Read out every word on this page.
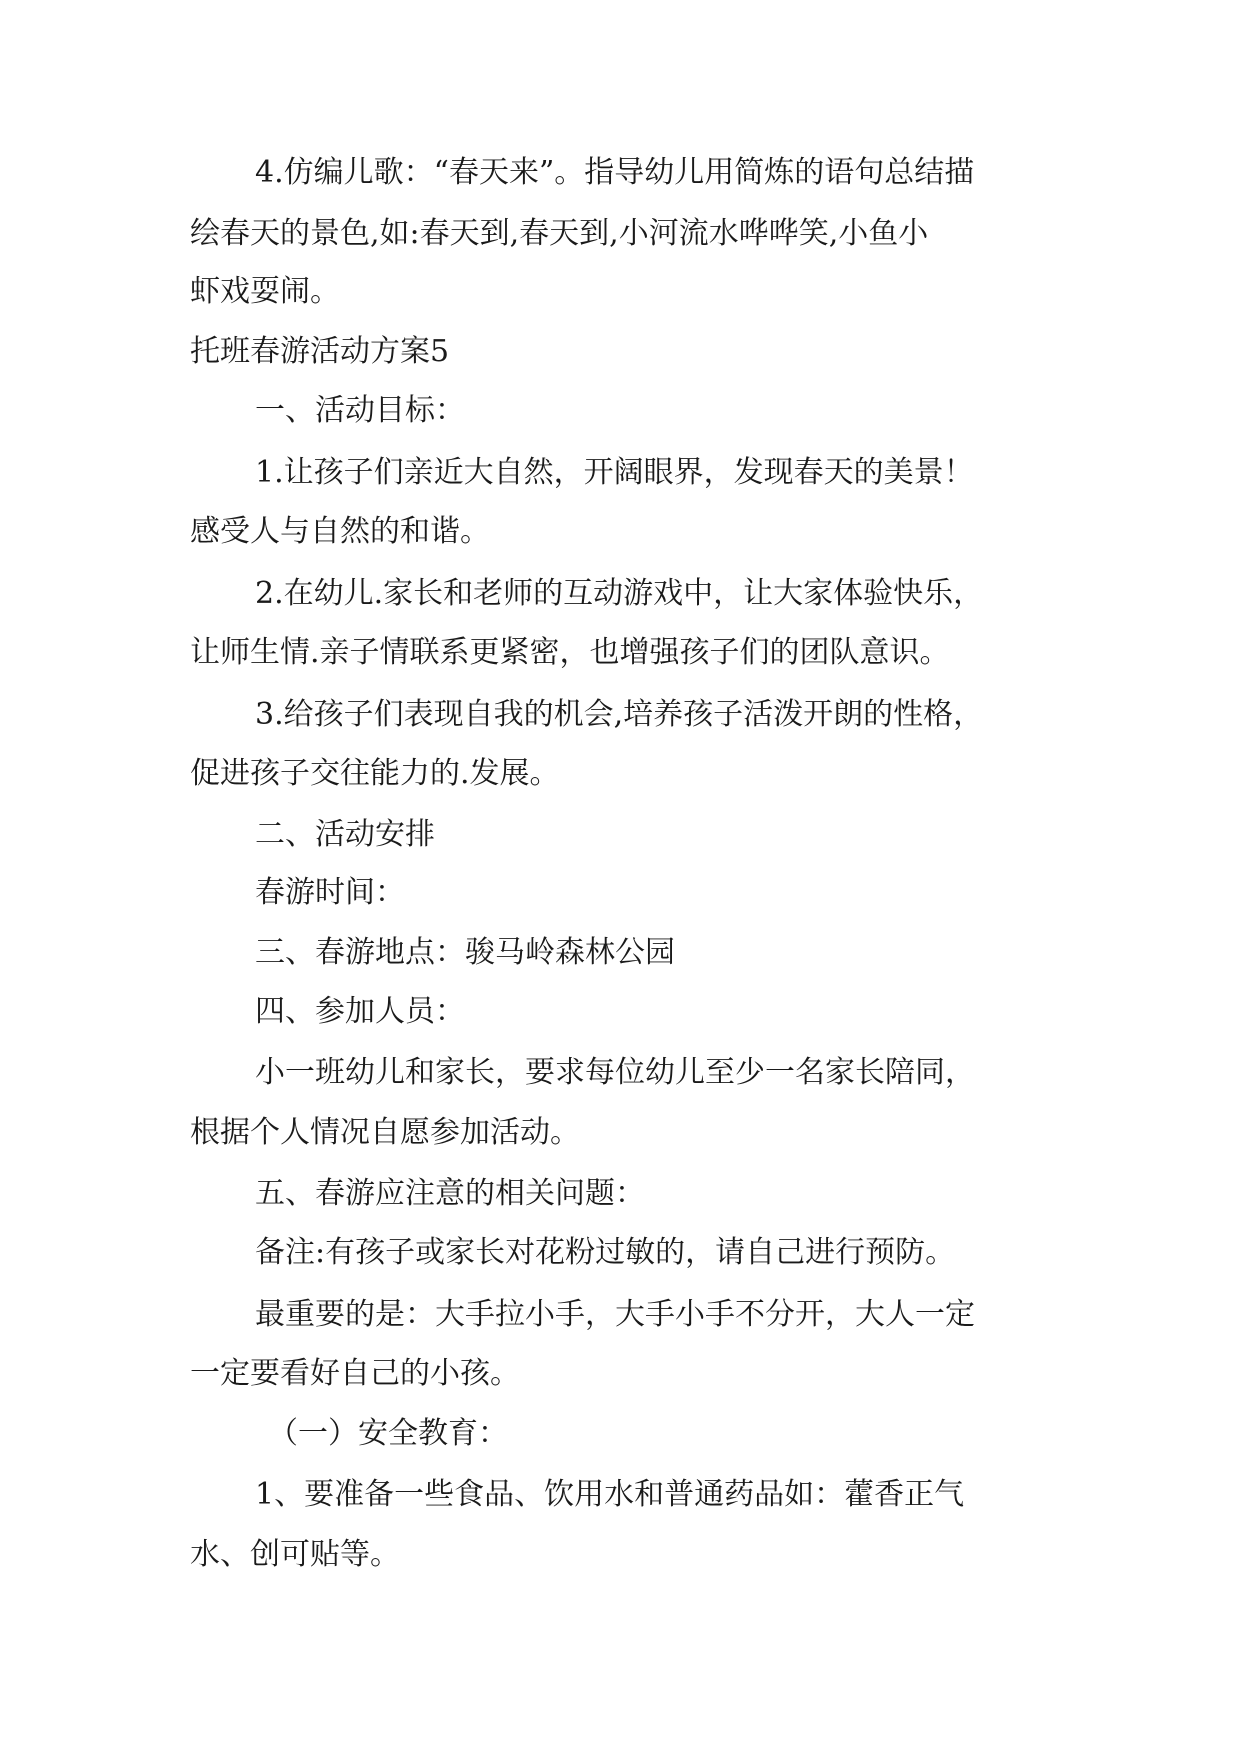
4.仿编儿歌：“春天来”。指导幼儿用简炼的语句总结描
绘春天的景色,如:春天到,春天到,小河流水哗哗笑,小鱼小
虾戏耍闹。
托班春游活动方案5
一、活动目标：
1.让孩子们亲近大自然，开阔眼界，发现春天的美景！
感受人与自然的和谐。
2.在幼儿.家长和老师的互动游戏中，让大家体验快乐，
让师生情.亲子情联系更紧密，也增强孩子们的团队意识。
3.给孩子们表现自我的机会,培养孩子活泼开朗的性格，
促进孩子交往能力的.发展。
二、活动安排
春游时间：
三、春游地点：骏马岭森林公园
四、参加人员：
小一班幼儿和家长，要求每位幼儿至少一名家长陪同，
根据个人情况自愿参加活动。
五、春游应注意的相关问题：
备注:有孩子或家长对花粉过敏的，请自己进行预防。
最重要的是：大手拉小手，大手小手不分开，大人一定
一定要看好自己的小孩。
（一）安全教育：
1、要准备一些食品、饮用水和普通药品如：藿香正气
水、创可贴等。
